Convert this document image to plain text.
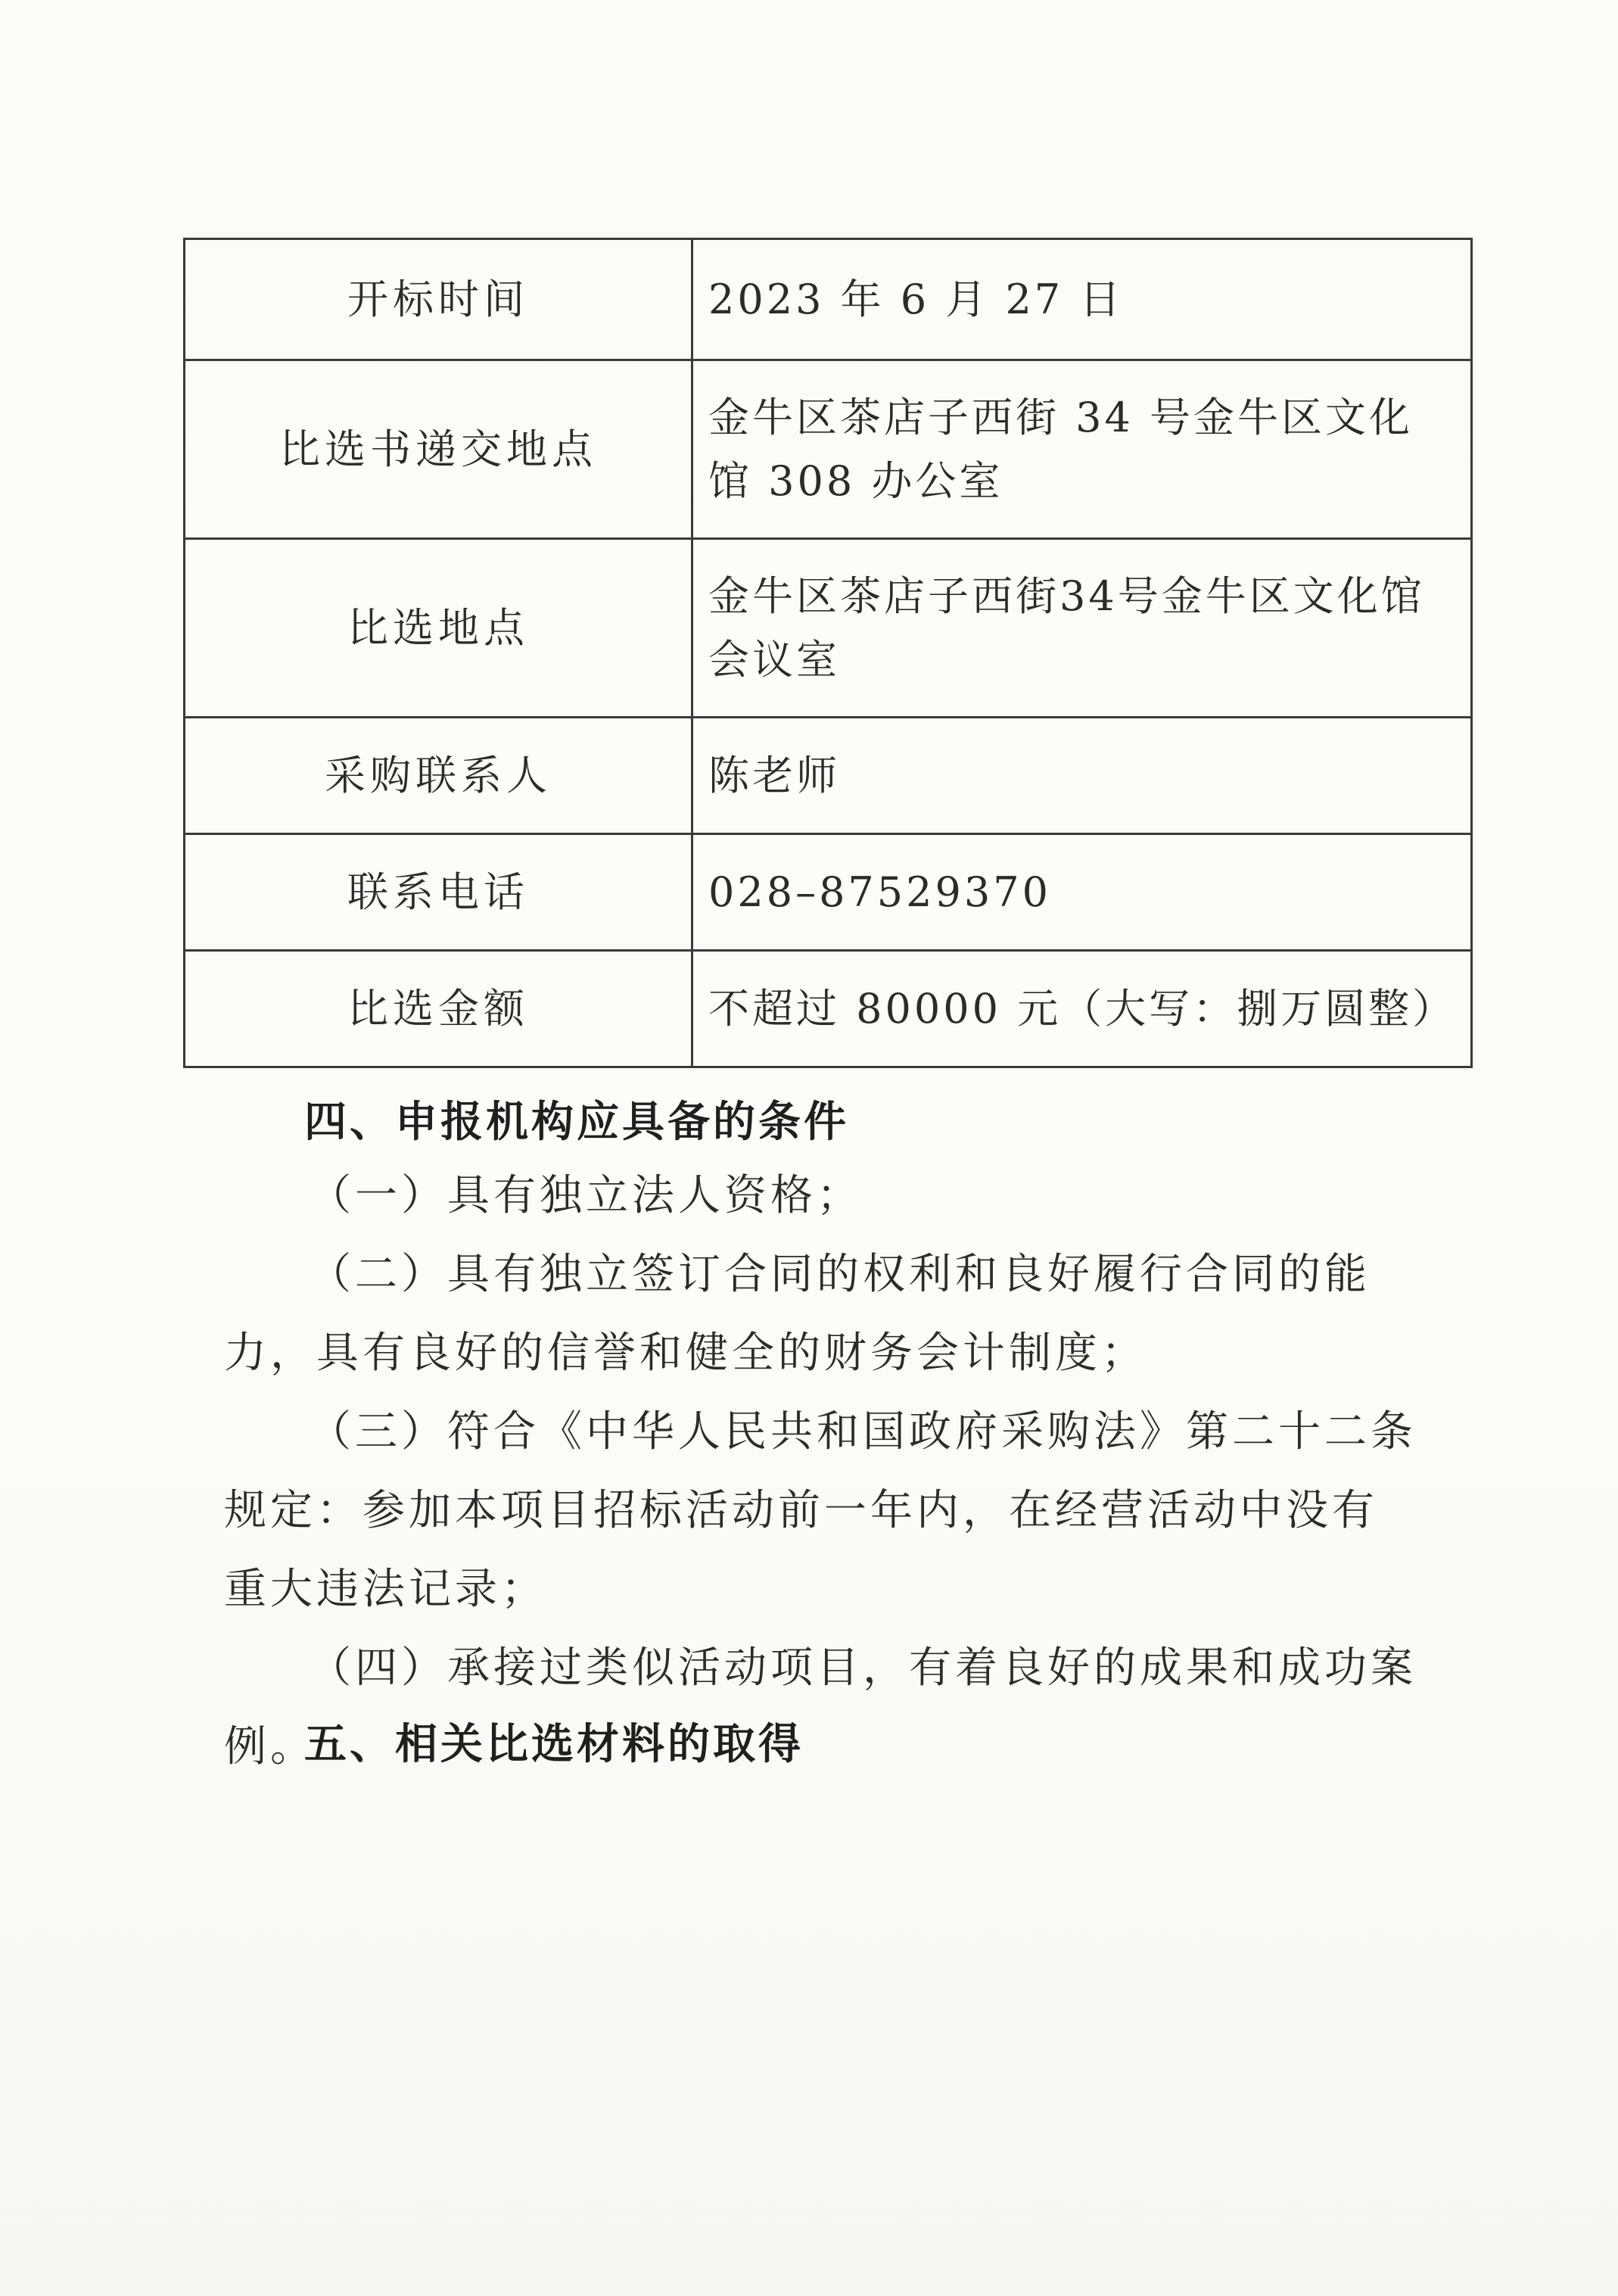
开标时间	2023 年 6 月 27 日
比选书递交地点	金牛区茶店子西街 34 号金牛区文化馆 308 办公室
比选地点	金牛区茶店子西街34号金牛区文化馆会议室
采购联系人	陈老师
联系电话	028–87529370
比选金额	不超过 80000 元（大写：捌万圆整）
四、申报机构应具备的条件

（一）具有独立法人资格；

（二）具有独立签订合同的权利和良好履行合同的能力，具有良好的信誉和健全的财务会计制度；

（三）符合《中华人民共和国政府采购法》第二十二条规定：参加本项目招标活动前一年内，在经营活动中没有重大违法记录；

（四）承接过类似活动项目，有着良好的成果和成功案例。

五、相关比选材料的取得
